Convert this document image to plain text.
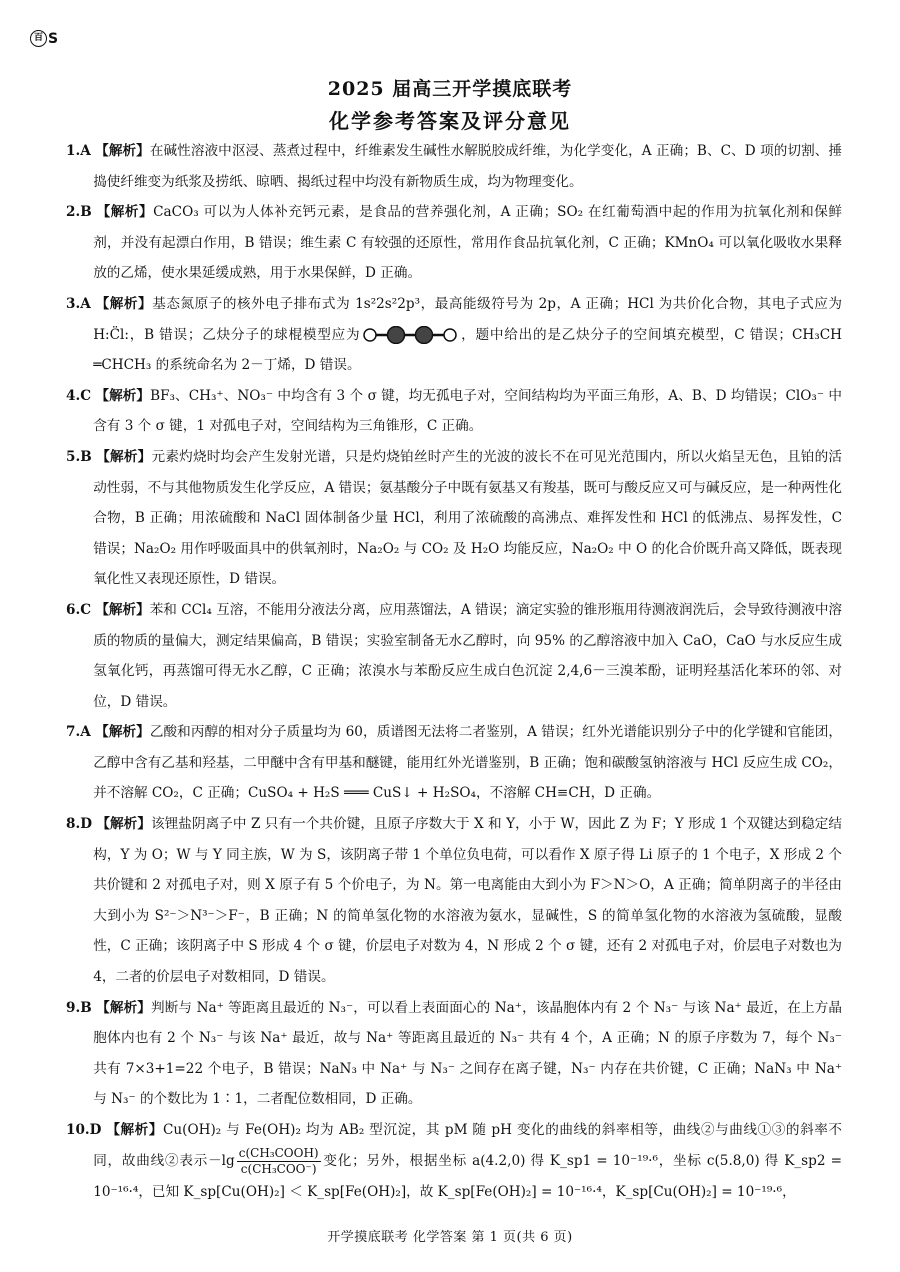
百 S
2025 届高三开学摸底联考
化学参考答案及评分意见

1.A 【解析】在碱性溶液中沤浸、蒸煮过程中，纤维素发生碱性水解脱胶成纤维，为化学变化，A 正确；B、C、D 项的切割、捶捣使纤维变为纸浆及捞纸、晾晒、揭纸过程中均没有新物质生成，均为物理变化。

2.B 【解析】CaCO₃ 可以为人体补充钙元素，是食品的营养强化剂，A 正确；SO₂ 在红葡萄酒中起的作用为抗氧化剂和保鲜剂，并没有起漂白作用，B 错误；维生素 C 有较强的还原性，常用作食品抗氧化剂，C 正确；KMnO₄ 可以氧化吸收水果释放的乙烯，使水果延缓成熟，用于水果保鲜，D 正确。

3.A 【解析】基态氮原子的核外电子排布式为 1s²2s²2p³，最高能级符号为 2p，A 正确；HCl 为共价化合物，其电子式应为 H:C̈l:，B 错误；乙炔分子的球棍模型应为	，题中给出的是乙炔分子的空间填充模型，C 错误；CH₃CH ═CHCH₃ 的系统命名为 2－丁烯，D 错误。

4.C 【解析】BF₃、CH₃⁺、NO₃⁻ 中均含有 3 个 σ 键，均无孤电子对，空间结构均为平面三角形，A、B、D 均错误；ClO₃⁻ 中含有 3 个 σ 键，1 对孤电子对，空间结构为三角锥形，C 正确。

5.B 【解析】元素灼烧时均会产生发射光谱，只是灼烧铂丝时产生的光波的波长不在可见光范围内，所以火焰呈无色，且铂的活动性弱，不与其他物质发生化学反应，A 错误；氨基酸分子中既有氨基又有羧基，既可与酸反应又可与碱反应，是一种两性化合物，B 正确；用浓硫酸和 NaCl 固体制备少量 HCl，利用了浓硫酸的高沸点、难挥发性和 HCl 的低沸点、易挥发性，C 错误；Na₂O₂ 用作呼吸面具中的供氧剂时，Na₂O₂ 与 CO₂ 及 H₂O 均能反应，Na₂O₂ 中 O 的化合价既升高又降低，既表现氧化性又表现还原性，D 错误。

6.C 【解析】苯和 CCl₄ 互溶，不能用分液法分离，应用蒸馏法，A 错误；滴定实验的锥形瓶用待测液润洗后，会导致待测液中溶质的物质的量偏大，测定结果偏高，B 错误；实验室制备无水乙醇时，向 95% 的乙醇溶液中加入 CaO，CaO 与水反应生成氢氧化钙，再蒸馏可得无水乙醇，C 正确；浓溴水与苯酚反应生成白色沉淀 2,4,6－三溴苯酚，证明羟基活化苯环的邻、对位，D 错误。

7.A 【解析】乙酸和丙醇的相对分子质量均为 60，质谱图无法将二者鉴别，A 错误；红外光谱能识别分子中的化学键和官能团，乙醇中含有乙基和羟基，二甲醚中含有甲基和醚键，能用红外光谱鉴别，B 正确；饱和碳酸氢钠溶液与 HCl 反应生成 CO₂，并不溶解 CO₂，C 正确；CuSO₄ + H₂S ═══ CuS↓ + H₂SO₄，不溶解 CH≡CH，D 正确。

8.D 【解析】该锂盐阴离子中 Z 只有一个共价键，且原子序数大于 X 和 Y，小于 W，因此 Z 为 F；Y 形成 1 个双键达到稳定结构，Y 为 O；W 与 Y 同主族，W 为 S，该阴离子带 1 个单位负电荷，可以看作 X 原子得 Li 原子的 1 个电子，X 形成 2 个共价键和 2 对孤电子对，则 X 原子有 5 个价电子，为 N。第一电离能由大到小为 F＞N＞O，A 正确；简单阴离子的半径由大到小为 S²⁻＞N³⁻＞F⁻，B 正确；N 的简单氢化物的水溶液为氨水，显碱性，S 的简单氢化物的水溶液为氢硫酸，显酸性，C 正确；该阴离子中 S 形成 4 个 σ 键，价层电子对数为 4，N 形成 2 个 σ 键，还有 2 对孤电子对，价层电子对数也为 4，二者的价层电子对数相同，D 错误。

9.B 【解析】判断与 Na⁺ 等距离且最近的 N₃⁻，可以看上表面面心的 Na⁺，该晶胞体内有 2 个 N₃⁻ 与该 Na⁺ 最近，在上方晶胞体内也有 2 个 N₃⁻ 与该 Na⁺ 最近，故与 Na⁺ 等距离且最近的 N₃⁻ 共有 4 个，A 正确；N 的原子序数为 7，每个 N₃⁻ 共有 7×3+1=22 个电子，B 错误；NaN₃ 中 Na⁺ 与 N₃⁻ 之间存在离子键，N₃⁻ 内存在共价键，C 正确；NaN₃ 中 Na⁺ 与 N₃⁻ 的个数比为 1∶1，二者配位数相同，D 正确。

10.D 【解析】Cu(OH)₂ 与 Fe(OH)₂ 均为 AB₂ 型沉淀，其 pM 随 pH 变化的曲线的斜率相等，曲线②与曲线①③的斜率不同，故曲线②表示$-\lg \frac{\text{c(CH₃COOH)}}{\text{c(CH₃COO⁻)}}$ 变化；另外，根据坐标 a(4.2,0) 得 K_sp1 = 10⁻¹⁹·⁶，坐标 c(5.8,0) 得 K_sp2 = 10⁻¹⁶·⁴，已知 K_sp[Cu(OH)₂] ＜ K_sp[Fe(OH)₂]，故 K_sp[Fe(OH)₂] = 10⁻¹⁶·⁴，K_sp[Cu(OH)₂] = 10⁻¹⁹·⁶，

开学摸底联考 化学答案 第 1 页(共 6 页)
